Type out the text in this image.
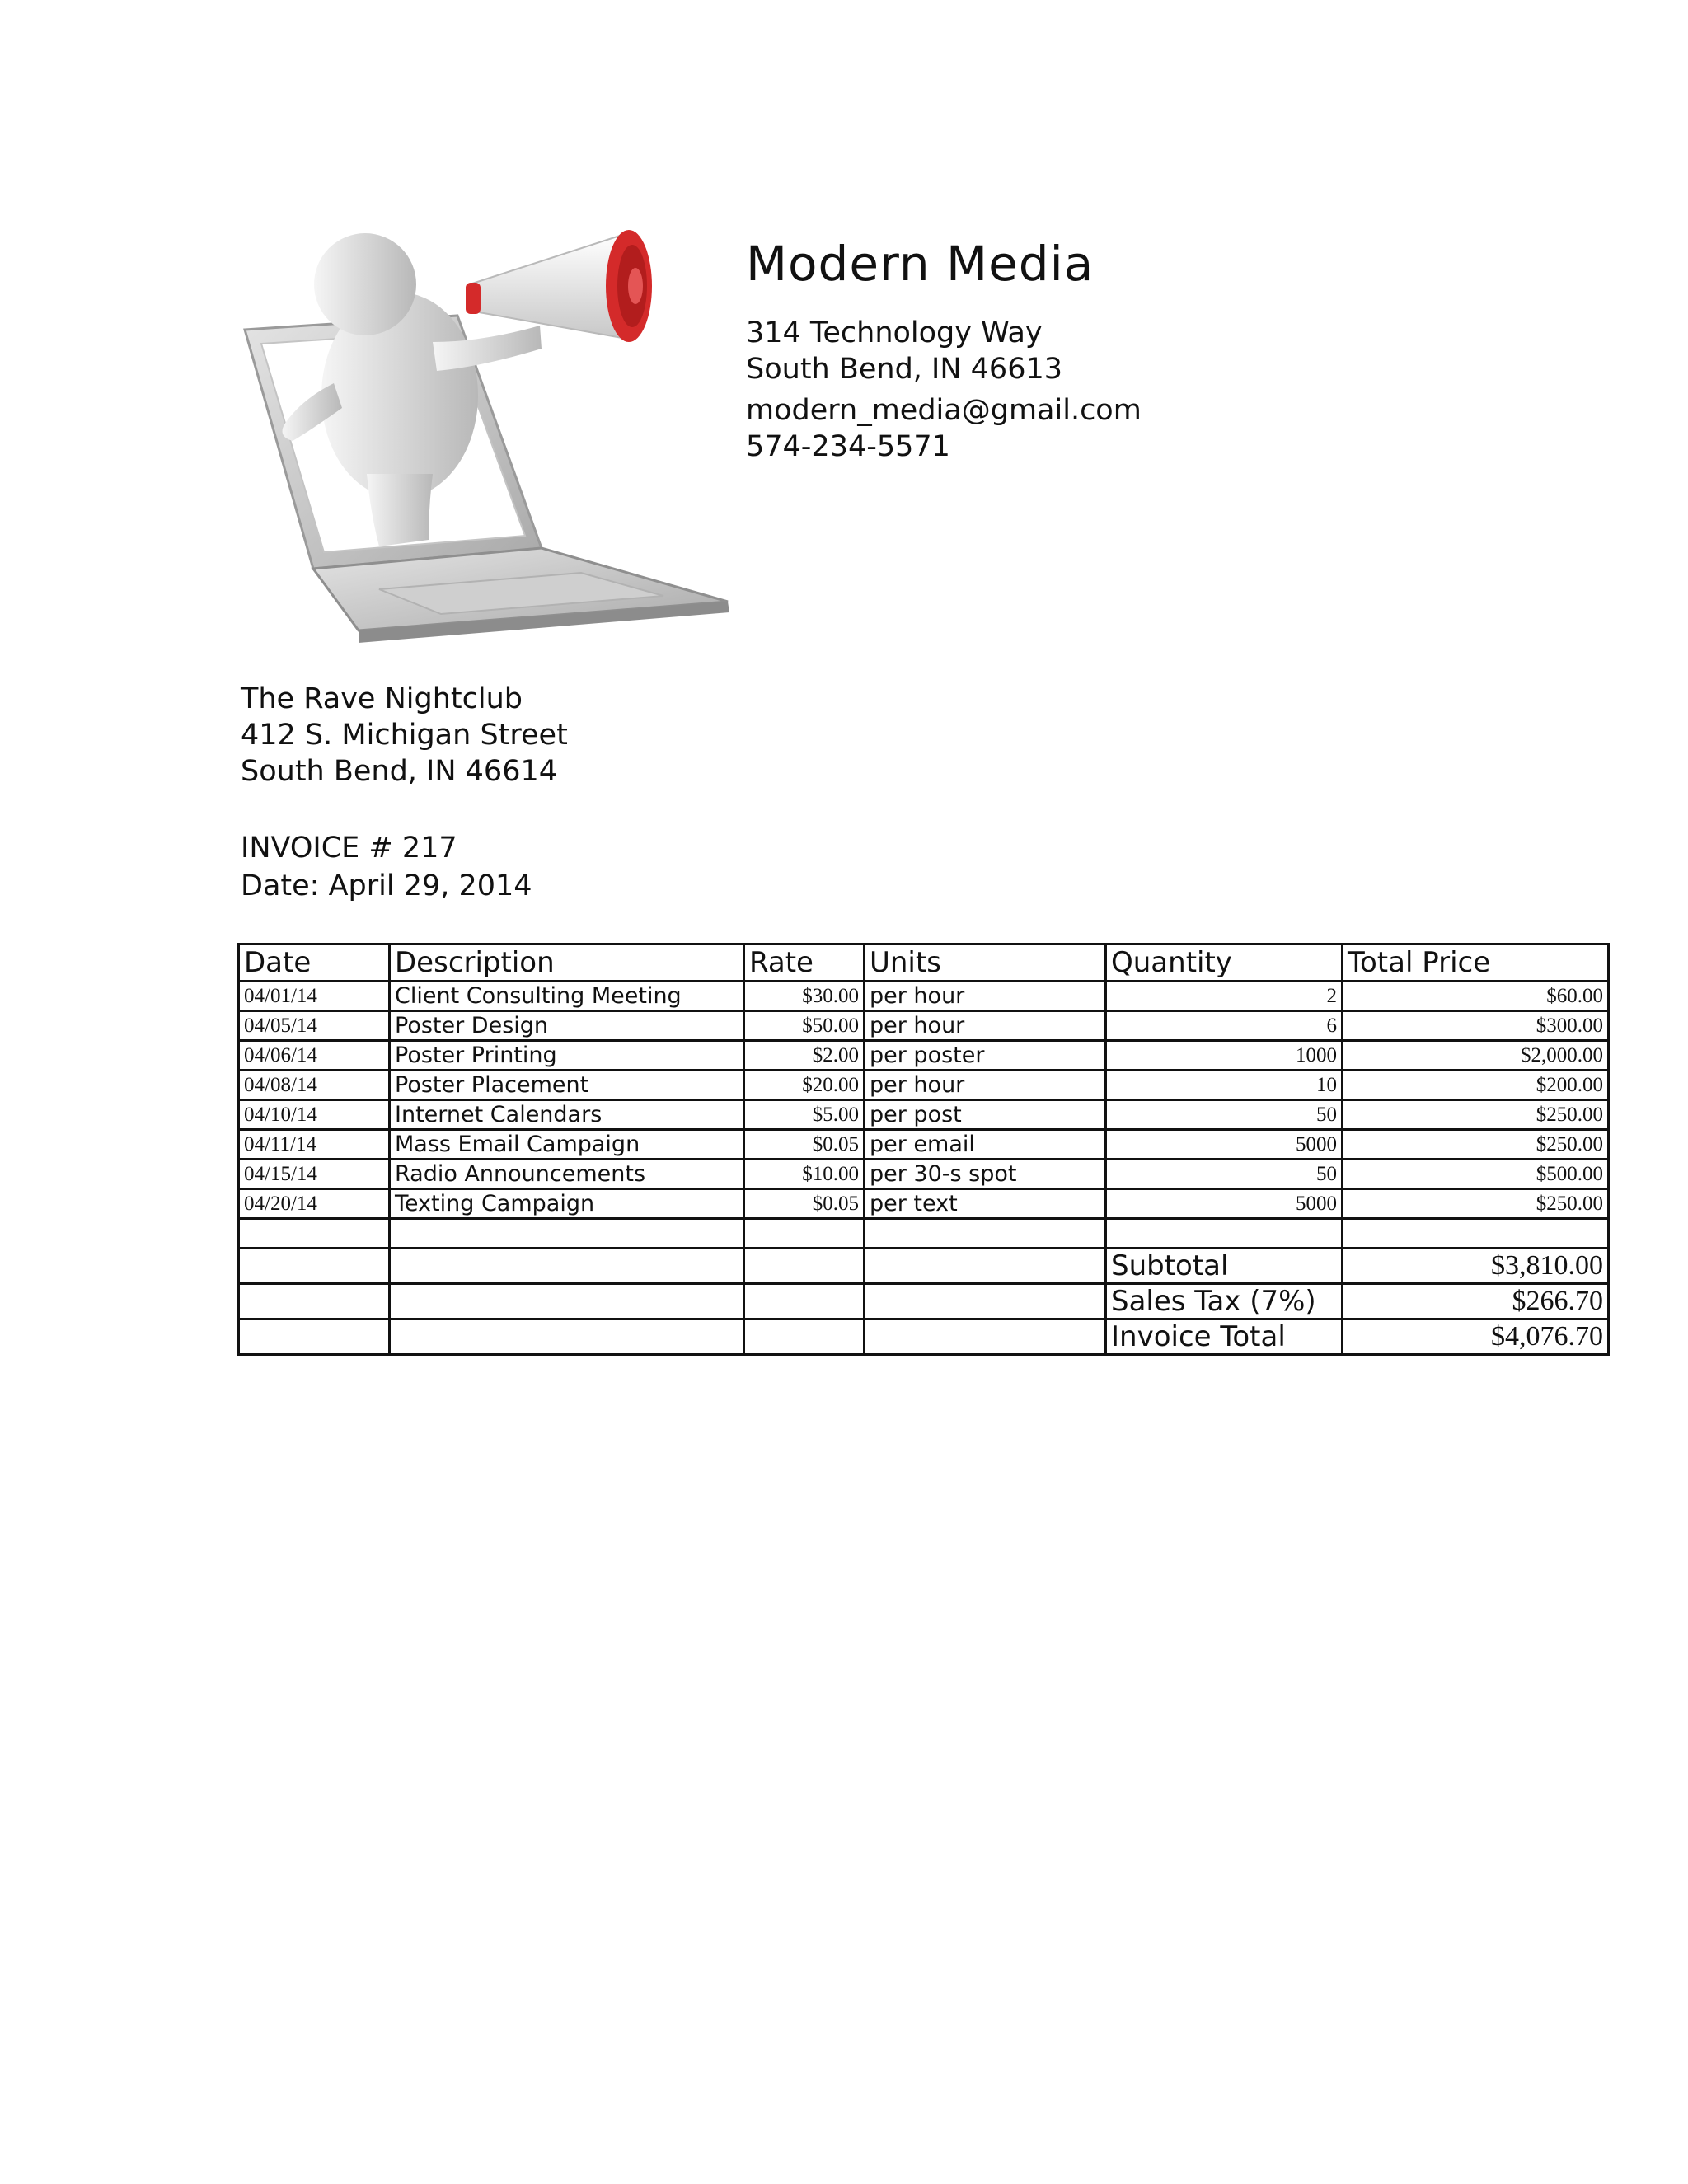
Modern Media
314 Technology Way
South Bend, IN 46613
modern_media@gmail.com
574-234-5571
The Rave Nightclub
412 S. Michigan Street
South Bend, IN 46614
INVOICE # 217
Date: April 29, 2014
Date	Description	Rate	Units	Quantity	Total Price
04/01/14	Client Consulting Meeting	$30.00	per hour	2	$60.00
04/05/14	Poster Design	$50.00	per hour	6	$300.00
04/06/14	Poster Printing	$2.00	per poster	1000	$2,000.00
04/08/14	Poster Placement	$20.00	per hour	10	$200.00
04/10/14	Internet Calendars	$5.00	per post	50	$250.00
04/11/14	Mass Email Campaign	$0.05	per email	5000	$250.00
04/15/14	Radio Announcements	$10.00	per 30-s spot	50	$500.00
04/20/14	Texting Campaign	$0.05	per text	5000	$250.00

				Subtotal	$3,810.00
				Sales Tax (7%)	$266.70
				Invoice Total	$4,076.70
